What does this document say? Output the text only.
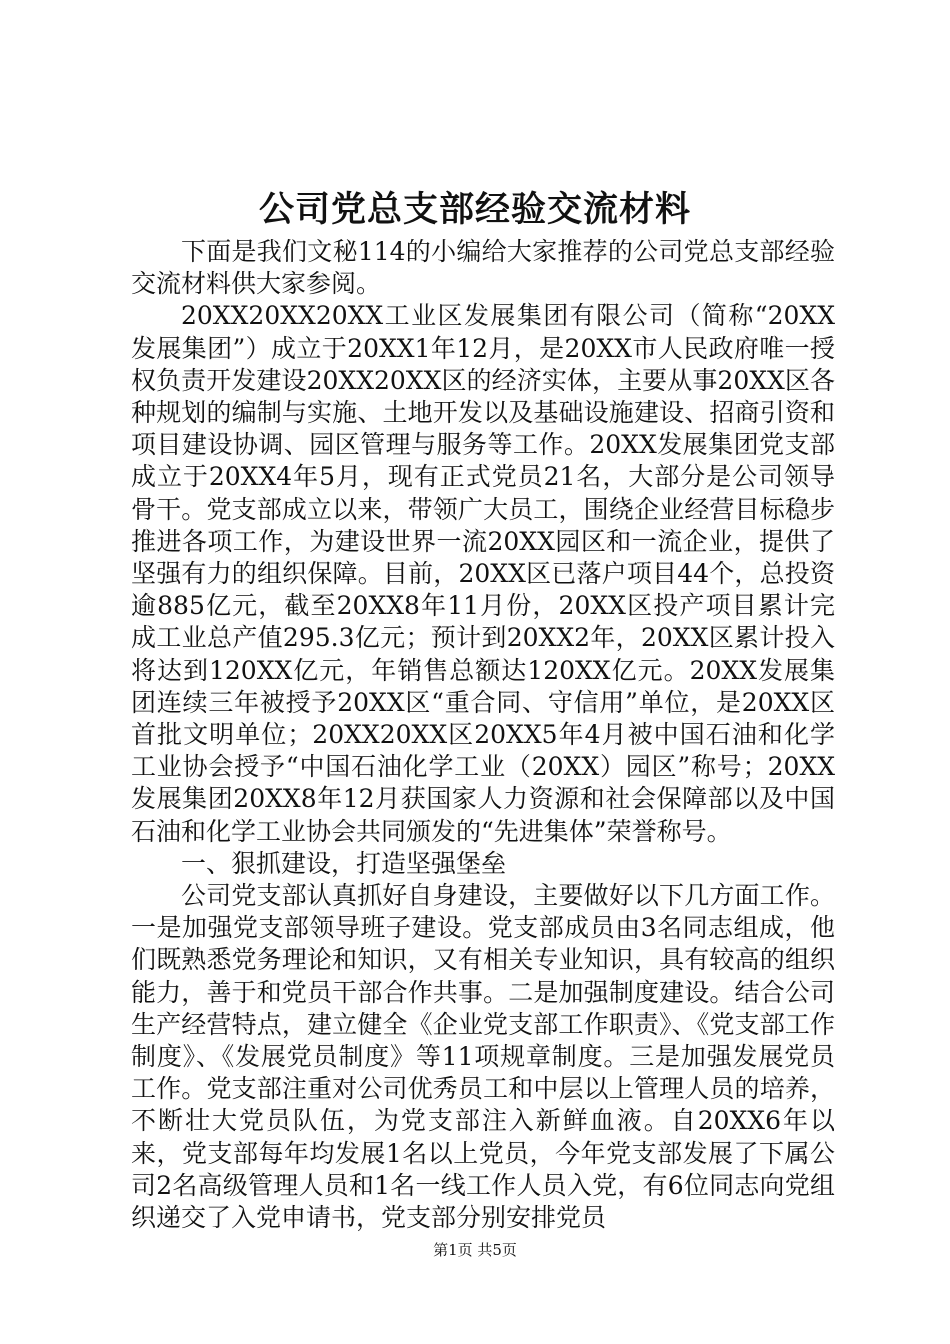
公司党总支部经验交流材料

下面是我们文秘114的小编给大家推荐的公司党总支部经验交流材料供大家参阅。

20XX20XX20XX工业区发展集团有限公司（简称“20XX发展集团”）成立于20XX1年12月，是20XX市人民政府唯一授权负责开发建设20XX20XX区的经济实体，主要从事20XX区各种规划的编制与实施、土地开发以及基础设施建设、招商引资和项目建设协调、园区管理与服务等工作。20XX发展集团党支部成立于20XX4年5月，现有正式党员21名，大部分是公司领导骨干。党支部成立以来，带领广大员工，围绕企业经营目标稳步推进各项工作，为建设世界一流20XX园区和一流企业，提供了坚强有力的组织保障。目前，20XX区已落户项目44个，总投资逾885亿元，截至20XX8年11月份，20XX区投产项目累计完成工业总产值295.3亿元；预计到20XX2年，20XX区累计投入将达到120XX亿元，年销售总额达120XX亿元。20XX发展集团连续三年被授予20XX区“重合同、守信用”单位，是20XX区首批文明单位；20XX20XX区20XX5年4月被中国石油和化学工业协会授予“中国石油化学工业（20XX）园区”称号；20XX发展集团20XX8年12月获国家人力资源和社会保障部以及中国石油和化学工业协会共同颁发的“先进集体”荣誉称号。

一、狠抓建设，打造坚强堡垒

公司党支部认真抓好自身建设，主要做好以下几方面工作。一是加强党支部领导班子建设。党支部成员由3名同志组成，他们既熟悉党务理论和知识，又有相关专业知识，具有较高的组织能力，善于和党员干部合作共事。二是加强制度建设。结合公司生产经营特点，建立健全《企业党支部工作职责》、《党支部工作制度》、《发展党员制度》等11项规章制度。三是加强发展党员工作。党支部注重对公司优秀员工和中层以上管理人员的培养，不断壮大党员队伍，为党支部注入新鲜血液。自20XX6年以来，党支部每年均发展1名以上党员，今年党支部发展了下属公司2名高级管理人员和1名一线工作人员入党，有6位同志向党组织递交了入党申请书，党支部分别安排党员

第1页 共5页
